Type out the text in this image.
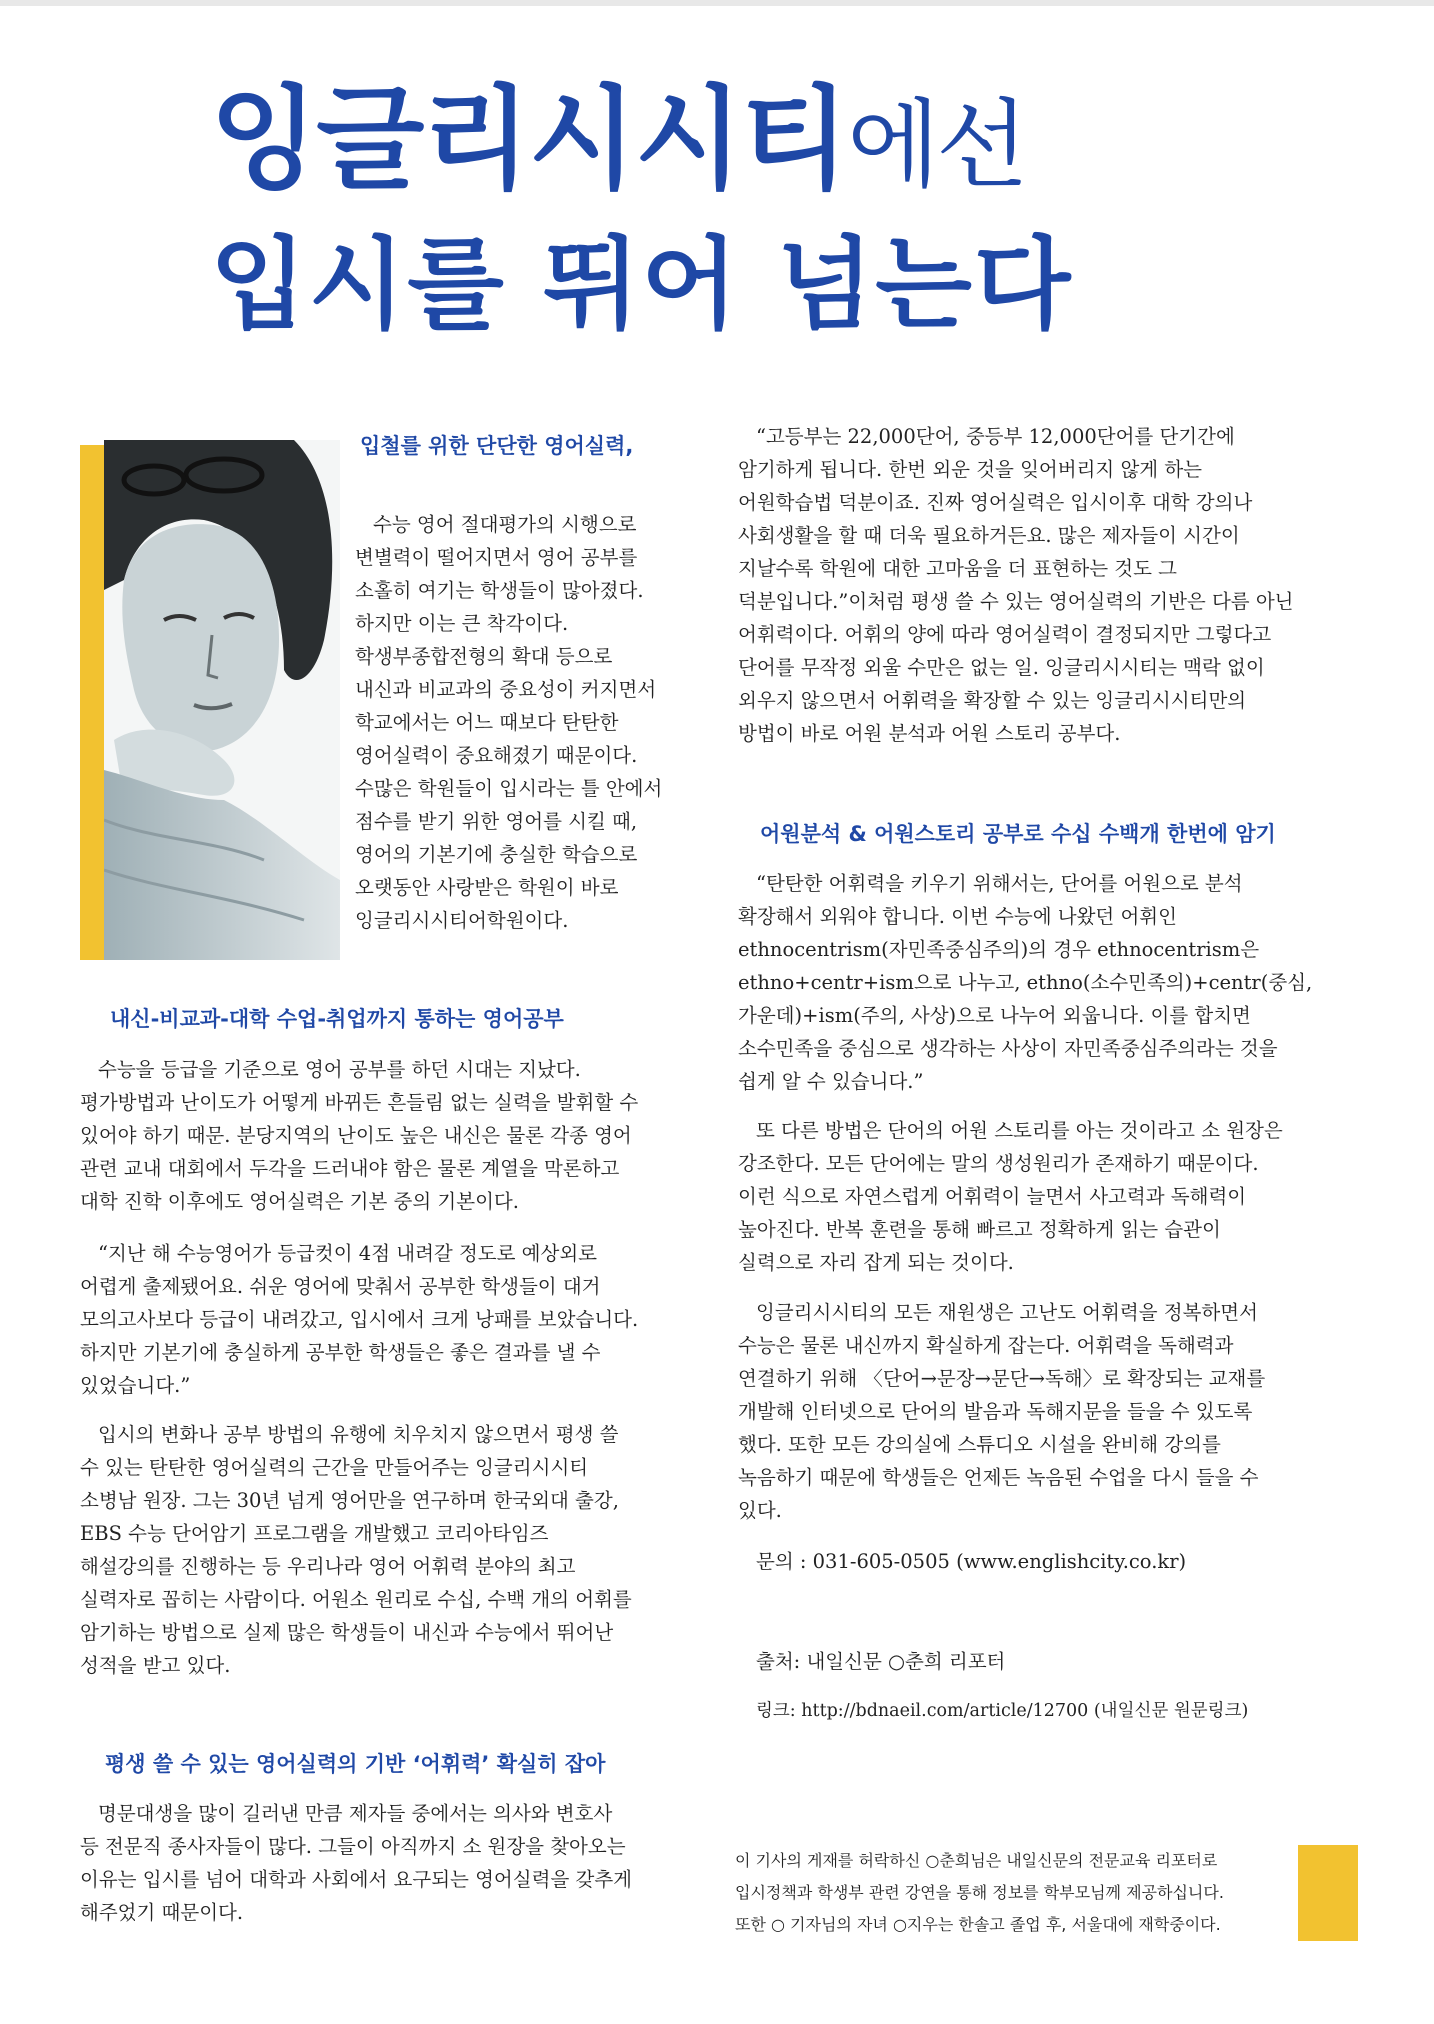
잉글리시시티에선
입시를 뛰어 넘는다
입철를 위한 단단한 영어실력,
수능 영어 절대평가의 시행으로
변별력이 떨어지면서 영어 공부를
소홀히 여기는 학생들이 많아졌다.
하지만 이는 큰 착각이다.
학생부종합전형의 확대 등으로
내신과 비교과의 중요성이 커지면서
학교에서는 어느 때보다 탄탄한
영어실력이 중요해졌기 때문이다.
수많은 학원들이 입시라는 틀 안에서
점수를 받기 위한 영어를 시킬 때,
영어의 기본기에 충실한 학습으로
오랫동안 사랑받은 학원이 바로
잉글리시시티어학원이다.
내신-비교과-대학 수업-취업까지 통하는 영어공부
수능을 등급을 기준으로 영어 공부를 하던 시대는 지났다.
평가방법과 난이도가 어떻게 바뀌든 흔들림 없는 실력을 발휘할 수
있어야 하기 때문. 분당지역의 난이도 높은 내신은 물론 각종 영어
관련 교내 대회에서 두각을 드러내야 함은 물론 계열을 막론하고
대학 진학 이후에도 영어실력은 기본 중의 기본이다.
“지난 해 수능영어가 등급컷이 4점 내려갈 정도로 예상외로
어렵게 출제됐어요. 쉬운 영어에 맞춰서 공부한 학생들이 대거
모의고사보다 등급이 내려갔고, 입시에서 크게 낭패를 보았습니다.
하지만 기본기에 충실하게 공부한 학생들은 좋은 결과를 낼 수
있었습니다.”
입시의 변화나 공부 방법의 유행에 치우치지 않으면서 평생 쓸
수 있는 탄탄한 영어실력의 근간을 만들어주는 잉글리시시티
소병남 원장. 그는 30년 넘게 영어만을 연구하며 한국외대 출강,
EBS 수능 단어암기 프로그램을 개발했고 코리아타임즈
해설강의를 진행하는 등 우리나라 영어 어휘력 분야의 최고
실력자로 꼽히는 사람이다. 어원소 원리로 수십, 수백 개의 어휘를
암기하는 방법으로 실제 많은 학생들이 내신과 수능에서 뛰어난
성적을 받고 있다.
평생 쓸 수 있는 영어실력의 기반 ‘어휘력’ 확실히 잡아
명문대생을 많이 길러낸 만큼 제자들 중에서는 의사와 변호사
등 전문직 종사자들이 많다. 그들이 아직까지 소 원장을 찾아오는
이유는 입시를 넘어 대학과 사회에서 요구되는 영어실력을 갖추게
해주었기 때문이다.
“고등부는 22,000단어, 중등부 12,000단어를 단기간에
암기하게 됩니다. 한번 외운 것을 잊어버리지 않게 하는
어원학습법 덕분이죠. 진짜 영어실력은 입시이후 대학 강의나
사회생활을 할 때 더욱 필요하거든요. 많은 제자들이 시간이
지날수록 학원에 대한 고마움을 더 표현하는 것도 그
덕분입니다.”이처럼 평생 쓸 수 있는 영어실력의 기반은 다름 아닌
어휘력이다. 어휘의 양에 따라 영어실력이 결정되지만 그렇다고
단어를 무작정 외울 수만은 없는 일. 잉글리시시티는 맥락 없이
외우지 않으면서 어휘력을 확장할 수 있는 잉글리시시티만의
방법이 바로 어원 분석과 어원 스토리 공부다.
어원분석 & 어원스토리 공부로 수십 수백개 한번에 암기
“탄탄한 어휘력을 키우기 위해서는, 단어를 어원으로 분석
확장해서 외워야 합니다. 이번 수능에 나왔던 어휘인
ethnocentrism(자민족중심주의)의 경우 ethnocentrism은
ethno+centr+ism으로 나누고, ethno(소수민족의)+centr(중심,
가운데)+ism(주의, 사상)으로 나누어 외웁니다. 이를 합치면
소수민족을 중심으로 생각하는 사상이 자민족중심주의라는 것을
쉽게 알 수 있습니다.”
또 다른 방법은 단어의 어원 스토리를 아는 것이라고 소 원장은
강조한다. 모든 단어에는 말의 생성원리가 존재하기 때문이다.
이런 식으로 자연스럽게 어휘력이 늘면서 사고력과 독해력이
높아진다. 반복 훈련을 통해 빠르고 정확하게 읽는 습관이
실력으로 자리 잡게 되는 것이다.
잉글리시시티의 모든 재원생은 고난도 어휘력을 정복하면서
수능은 물론 내신까지 확실하게 잡는다. 어휘력을 독해력과
연결하기 위해 〈단어→문장→문단→독해〉로 확장되는 교재를
개발해 인터넷으로 단어의 발음과 독해지문을 들을 수 있도록
했다. 또한 모든 강의실에 스튜디오 시설을 완비해 강의를
녹음하기 때문에 학생들은 언제든 녹음된 수업을 다시 들을 수
있다.
문의 : 031-605-0505 (www.englishcity.co.kr)
출처: 내일신문 ○춘희 리포터
링크: http://bdnaeil.com/article/12700 (내일신문 원문링크)
이 기사의 게재를 허락하신 ○춘희님은 내일신문의 전문교육 리포터로
입시정책과 학생부 관련 강연을 통해 정보를 학부모님께 제공하십니다.
또한 ○ 기자님의 자녀 ○지우는 한솔고 졸업 후, 서울대에 재학중이다.
